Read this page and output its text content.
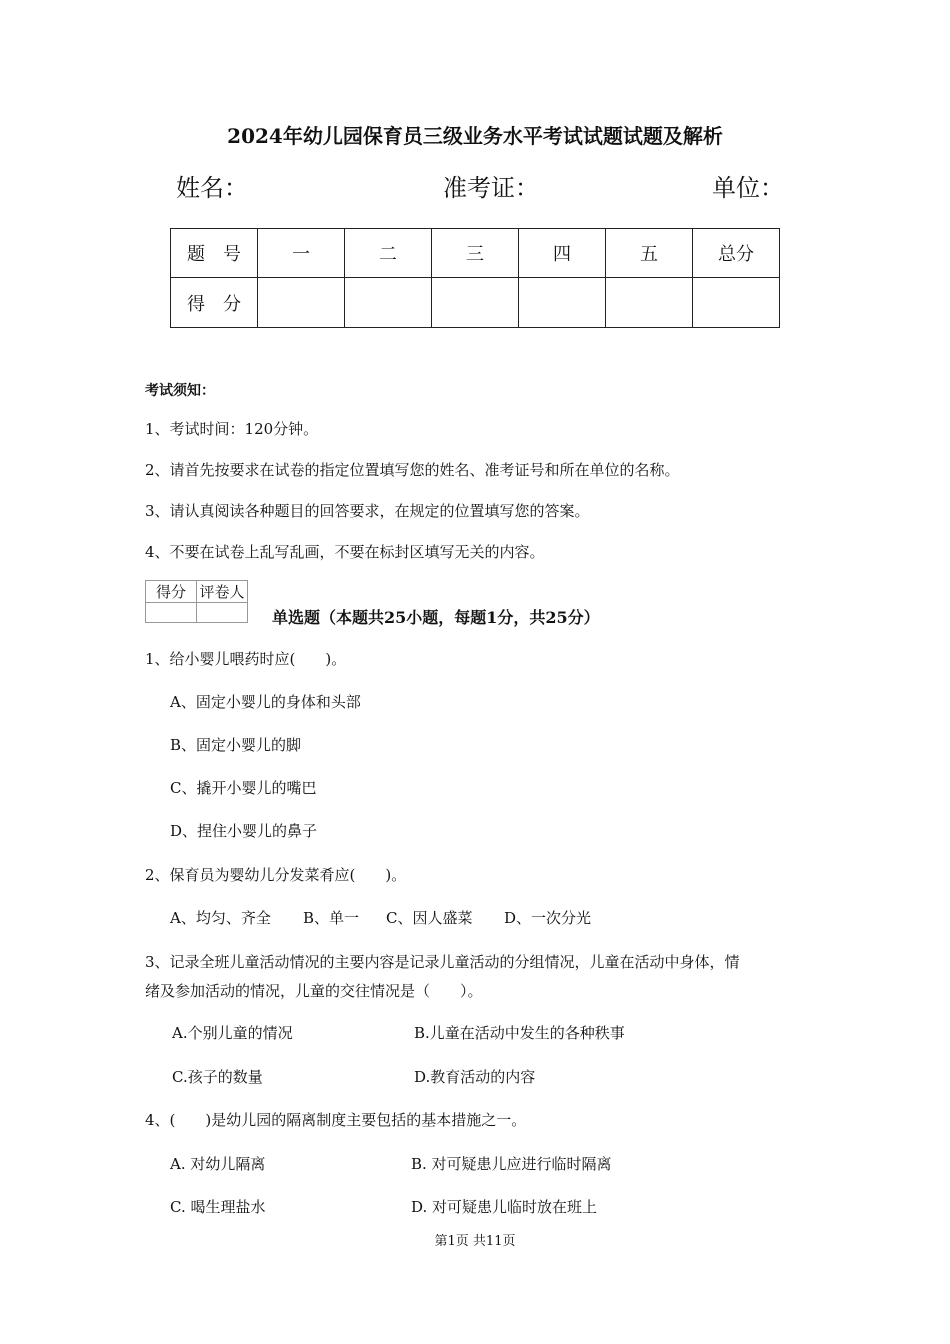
2024年幼儿园保育员三级业务水平考试试题试题及解析
姓名：	准考证：	单位：
题　号	一	二	三	四	五	总分
得　分						
考试须知：
1、考试时间：120分钟。
2、请首先按要求在试卷的指定位置填写您的姓名、准考证号和所在单位的名称。
3、请认真阅读各种题目的回答要求，在规定的位置填写您的答案。
4、不要在试卷上乱写乱画，不要在标封区填写无关的内容。
得分	评卷人

单选题（本题共25小题，每题1分，共25分）
1、给小婴儿喂药时应(　　)。
A、固定小婴儿的身体和头部
B、固定小婴儿的脚
C、撬开小婴儿的嘴巴
D、捏住小婴儿的鼻子
2、保育员为婴幼儿分发菜肴应(　　)。
A、均匀、齐全 B、单一 C、因人盛菜 D、一次分光
3、记录全班儿童活动情况的主要内容是记录儿童活动的分组情况，儿童在活动中身体，情
绪及参加活动的情况，儿童的交往情况是（　　）。
A.个别儿童的情况	B.儿童在活动中发生的各种秩事
C.孩子的数量	D.教育活动的内容
4、(　　)是幼儿园的隔离制度主要包括的基本措施之一。
A. 对幼儿隔离	B. 对可疑患儿应进行临时隔离
C. 喝生理盐水	D. 对可疑患儿临时放在班上
第1页 共11页
